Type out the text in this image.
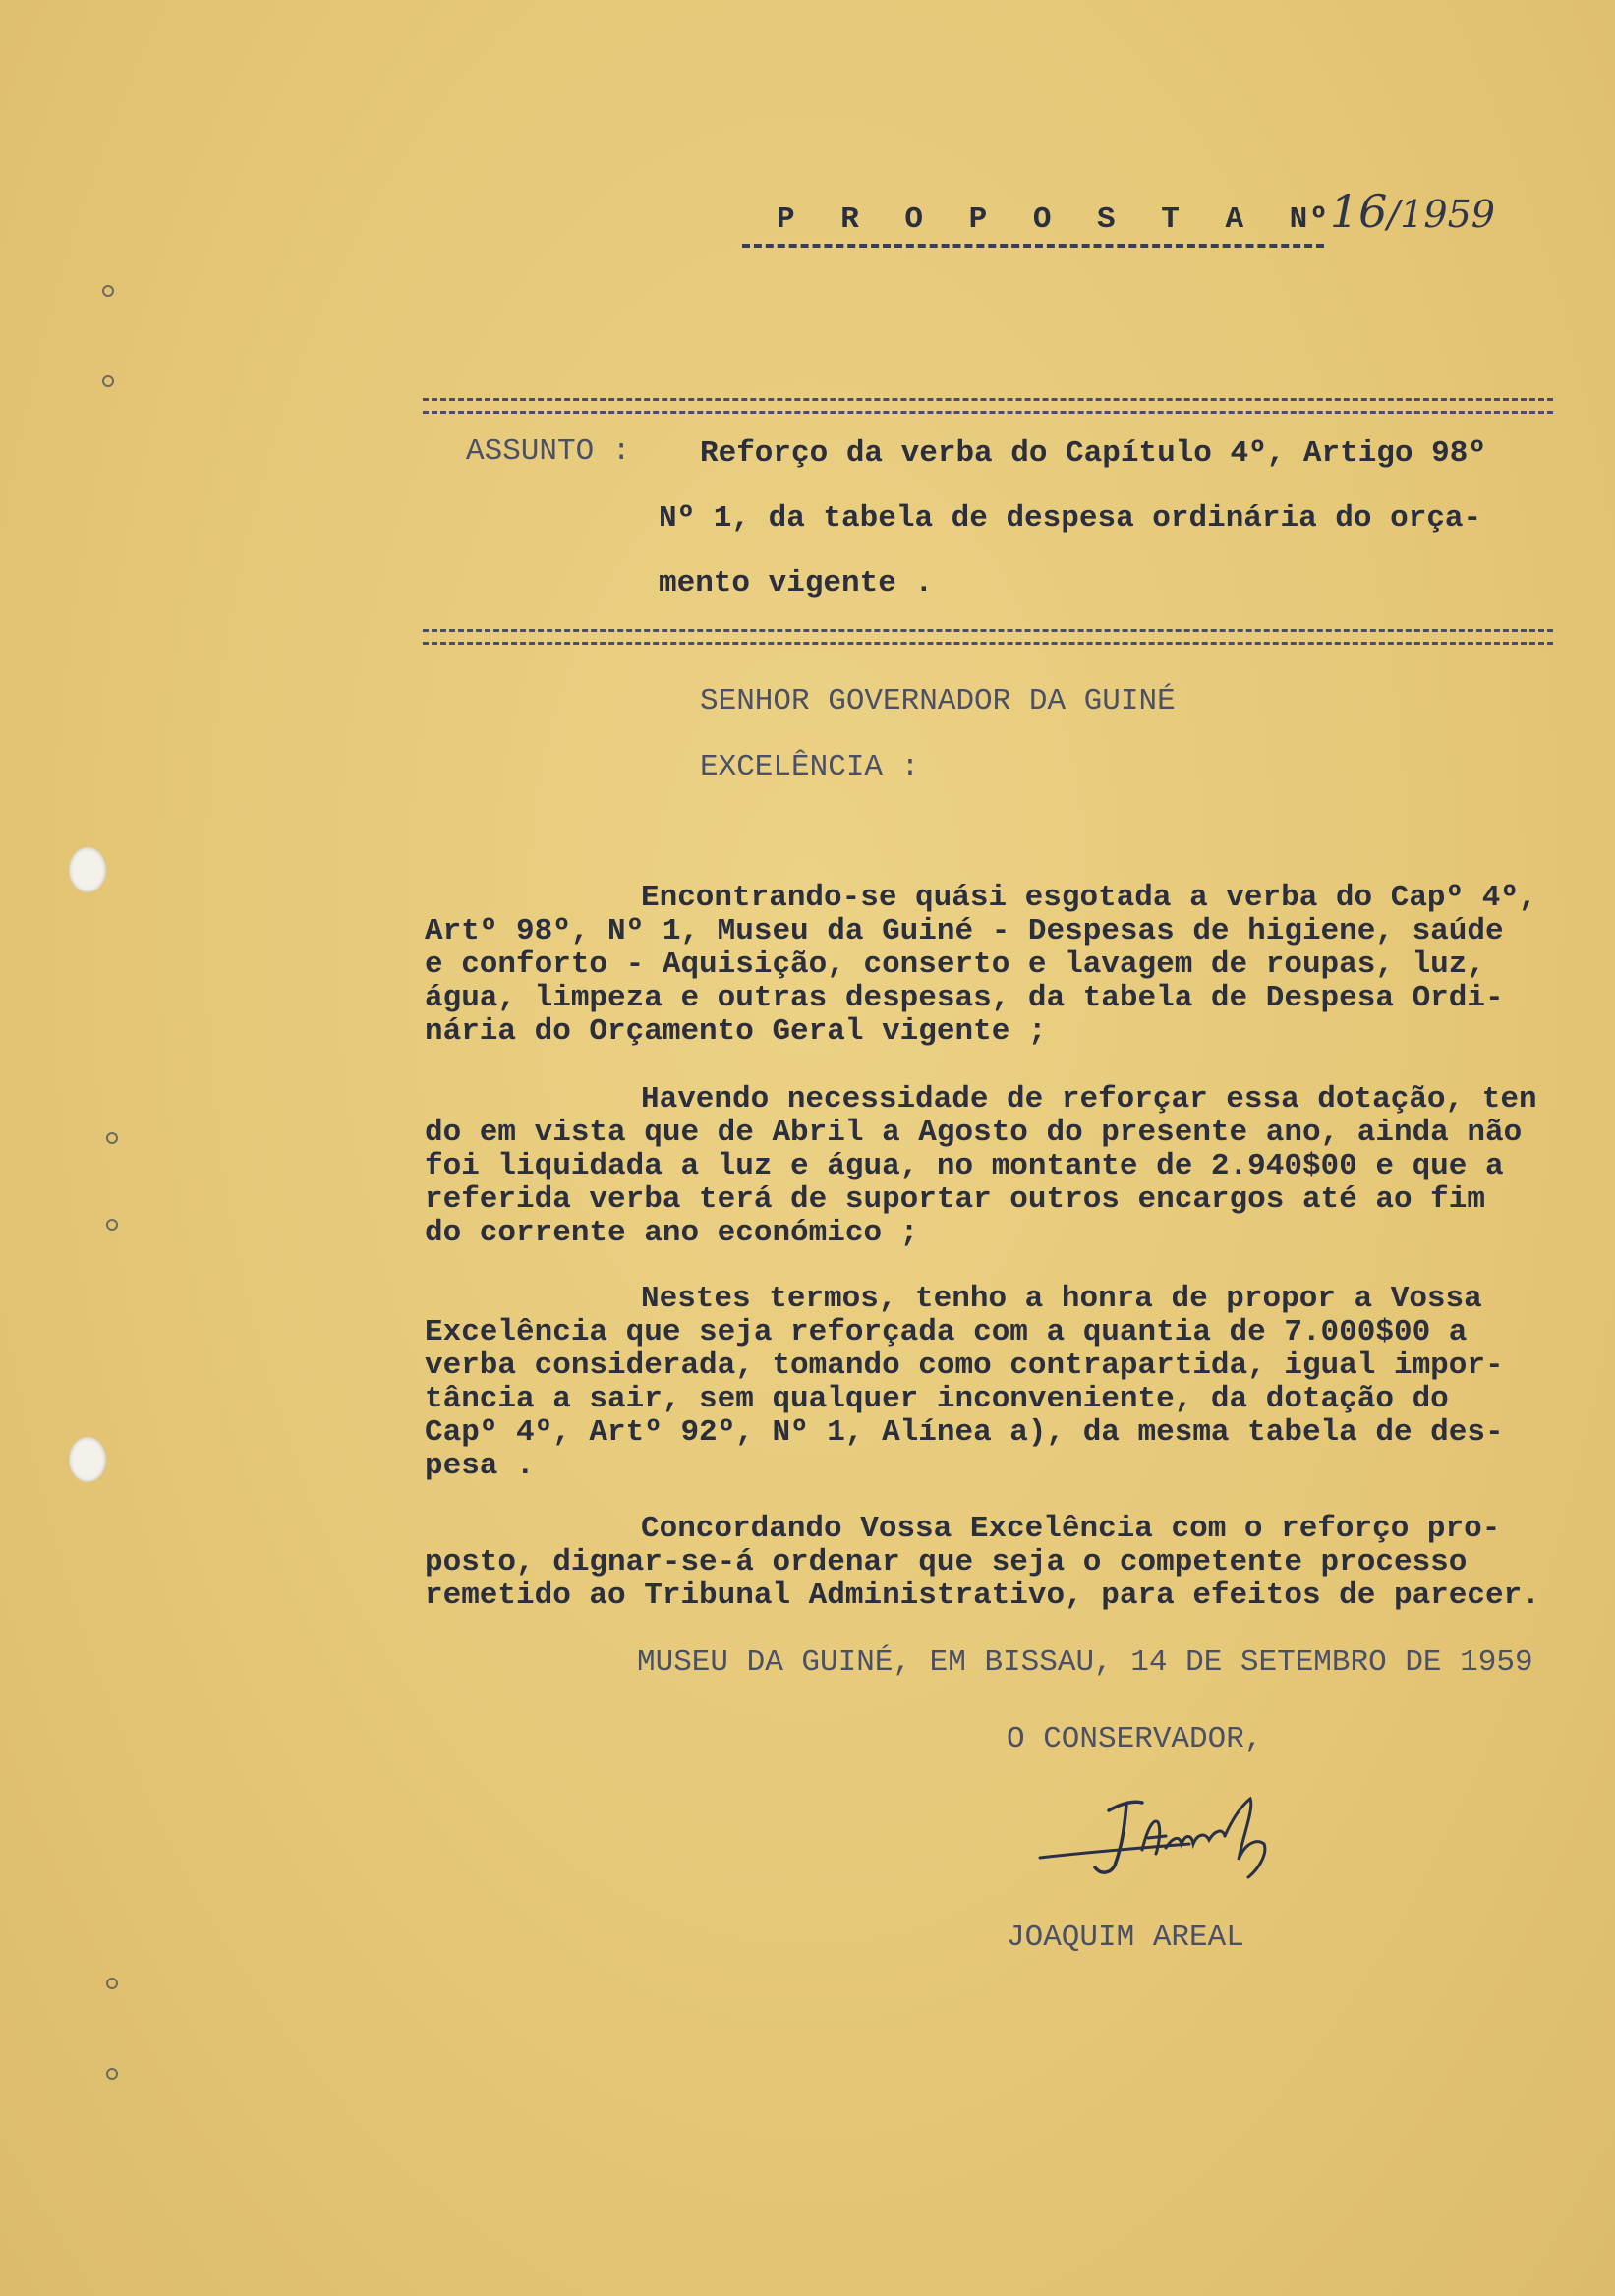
P R O P O S T A Nº16/1959
ASSUNTO : Reforço da verba do Capítulo 4º, Artigo 98º
Nº 1, da tabela de despesa ordinária do orça-
mento vigente .
SENHOR GOVERNADOR DA GUINÉ
EXCELÊNCIA :
Encontrando-se quási esgotada a verba do Capº 4º,
Artº 98º, Nº 1, Museu da Guiné - Despesas de higiene, saúde
e conforto - Aquisição, conserto e lavagem de roupas, luz,
água, limpeza e outras despesas, da tabela de Despesa Ordi-
nária do Orçamento Geral vigente ;
Havendo necessidade de reforçar essa dotação, ten
do em vista que de Abril a Agosto do presente ano, ainda não
foi liquidada a luz e água, no montante de 2.940$00 e que a
referida verba terá de suportar outros encargos até ao fim
do corrente ano económico ;
Nestes termos, tenho a honra de propor a Vossa
Excelência que seja reforçada com a quantia de 7.000$00 a
verba considerada, tomando como contrapartida, igual impor-
tância a sair, sem qualquer inconveniente, da dotação do
Capº 4º, Artº 92º, Nº 1, Alínea a), da mesma tabela de des-
pesa .
Concordando Vossa Excelência com o reforço pro-
posto, dignar-se-á ordenar que seja o competente processo
remetido ao Tribunal Administrativo, para efeitos de parecer.
MUSEU DA GUINÉ, EM BISSAU, 14 DE SETEMBRO DE 1959
O CONSERVADOR,
JOAQUIM AREAL
